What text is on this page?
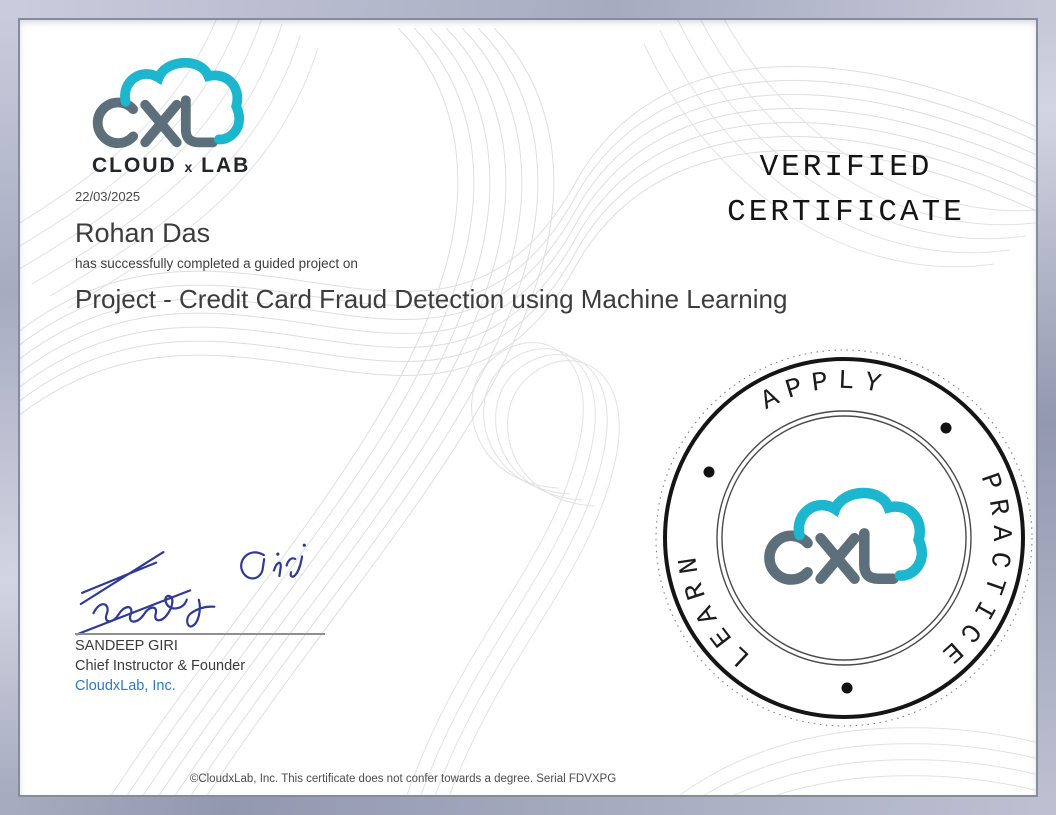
CLOUD x LAB
22/03/2025
Rohan Das
has successfully completed a guided project on
Project - Credit Card Fraud Detection using Machine Learning
VERIFIED
CERTIFICATE
APPLY
PRACTICE
LEARN
SANDEEP GIRI
Chief Instructor & Founder
CloudxLab, Inc.
©CloudxLab, Inc. This certificate does not confer towards a degree. Serial FDVXPG
